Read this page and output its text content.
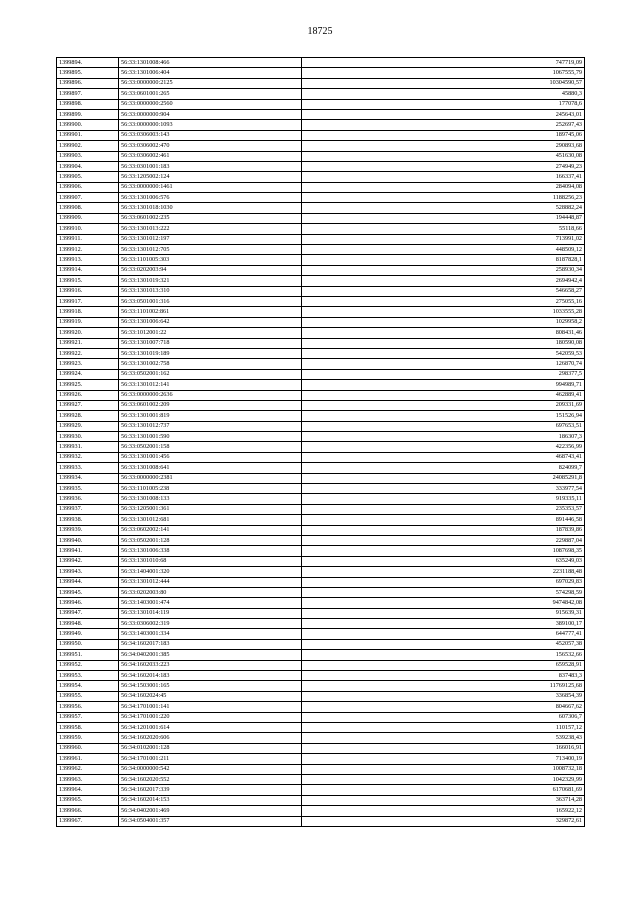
18725
1399894.	56:33:1301008:466	747719,09
1399895.	56:33:1301006:404	1067555,79
1399896.	56:33:0000000:2125	10304590,57
1399897.	56:33:0601001:265	45880,3
1399898.	56:33:0000000:2560	177078,6
1399899.	56:33:0000000:904	245643,01
1399900.	56:33:0000000:1093	252697,43
1399901.	56:33:0306003:143	189745,06
1399902.	56:33:0306002:470	290893,68
1399903.	56:33:0306002:461	451630,08
1399904.	56:33:0301001:183	274949,23
1399905.	56:33:1205002:124	166337,41
1399906.	56:33:0000000:1461	284094,08
1399907.	56:33:1301006:576	1188256,23
1399908.	56:33:1301018:1030	528882,24
1399909.	56:33:0601002:235	194448,87
1399910.	56:33:1301013:222	55118,66
1399911.	56:33:1301012:197	713991,02
1399912.	56:33:1301012:705	448509,12
1399913.	56:33:1101005:303	8187828,1
1399914.	56:33:0202003:94	258930,34
1399915.	56:33:1301019:321	2694942,4
1399916.	56:33:1301013:310	546658,27
1399917.	56:33:0501001:316	275055,16
1399918.	56:33:1101002:861	1033555,28
1399919.	56:33:1301006:642	1029958,2
1399920.	56:33:1012001:22	808431,46
1399921.	56:33:1301007:718	180590,08
1399922.	56:33:1301019:189	542059,53
1399923.	56:33:1301002:758	126870,74
1399924.	56:33:0502001:162	298377,5
1399925.	56:33:1301012:141	994989,71
1399926.	56:33:0000000:2636	462889,41
1399927.	56:33:0601002:209	209331,69
1399928.	56:33:1301001:819	151526,94
1399929.	56:33:1301012:737	697653,51
1399930.	56:33:1301001:590	186307,3
1399931.	56:33:0502001:158	422356,99
1399932.	56:33:1301001:456	468743,41
1399933.	56:33:1301008:641	824099,7
1399934.	56:33:0000000:2381	24085291,8
1399935.	56:33:1101005:238	333977,54
1399936.	56:33:1301008:133	919335,11
1399937.	56:33:1205001:361	235353,57
1399938.	56:33:1301012:681	891446,58
1399939.	56:33:0602002:141	187839,86
1399940.	56:33:0502001:128	229887,04
1399941.	56:33:1301006:338	1087698,35
1399942.	56:33:1301010:68	635249,03
1399943.	56:33:1404001:320	2231188,48
1399944.	56:33:1301012:444	697029,83
1399945.	56:33:0202003:80	574298,59
1399946.	56:33:1403001:474	9474842,08
1399947.	56:33:1301014:119	915639,31
1399948.	56:33:0306002:319	389100,17
1399949.	56:33:1403001:334	644777,41
1399950.	56:34:1602017:183	452057,38
1399951.	56:34:0402001:385	156532,66
1399952.	56:34:1602033:223	659528,91
1399953.	56:34:1602014:183	837483,3
1399954.	56:34:1503001:165	11769125,68
1399955.	56:34:1602024:45	336854,39
1399956.	56:34:1701001:141	804667,62
1399957.	56:34:1701001:220	607306,7
1399958.	56:34:1201001:614	110157,12
1399959.	56:34:1602020:606	539238,43
1399960.	56:34:0102001:128	166016,91
1399961.	56:34:1701001:211	713400,19
1399962.	56:34:0000000:542	1008732,18
1399963.	56:34:1602020:552	1042329,99
1399964.	56:34:1602017:339	6170681,69
1399965.	56:34:1602014:153	363714,28
1399966.	56:34:0402001:469	165922,12
1399967.	56:34:0504001:357	329872,61
